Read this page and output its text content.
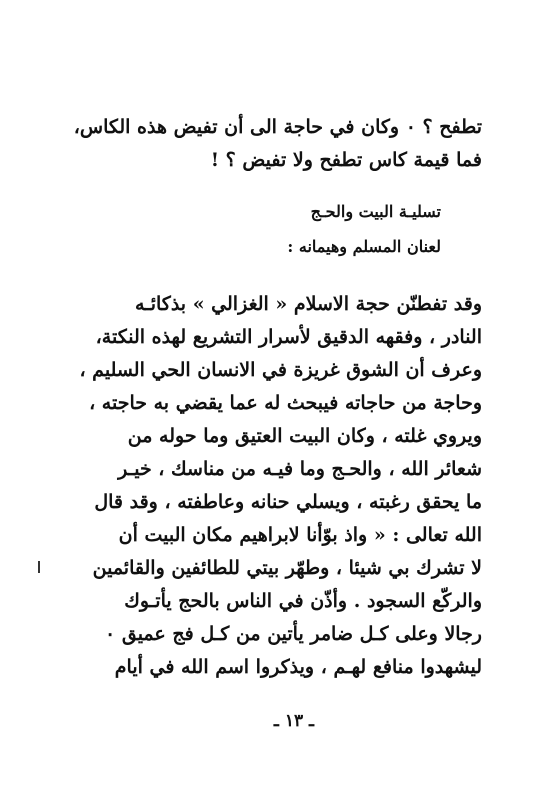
تطفح ؟ ٠ وكان في حاجة الى أن تفيض هذه الكاس،
فما قيمة كاس تطفح ولا تفيض ؟ !
تسليـة البيت والحـج
لعنان المسلم وهيمانه :
وقد تفطنّن حجة الاسلام « الغزالي » بذكائـه
النادر ، وفقهه الدقيق لأسرار التشريع لهذه النكتة،
وعرف أن الشوق غريزة في الانسان الحي السليم ،
وحاجة من حاجاته فيبحث له عما يقضي به حاجته ،
ويروي غلته ، وكان البيت العتيق وما حوله من
شعائر الله ، والحـج وما فيـه من مناسك ، خيـر
ما يحقق رغبته ، ويسلي حنانه وعاطفته ، وقد قال
الله تعالى : « واذ بوّأنا لابراهيم مكان البيت أن
لا تشرك بي شيئا ، وطهّر بيتي للطائفين والقائمين
والركّع السجود . وأذّن في الناس بالحج يأتـوك
رجالا وعلى كـل ضامر يأتين من كـل فج عميق ٠
ليشهدوا منافع لهـم ، ويذكروا اسم الله في أيام
ـ ١٣ ـ
